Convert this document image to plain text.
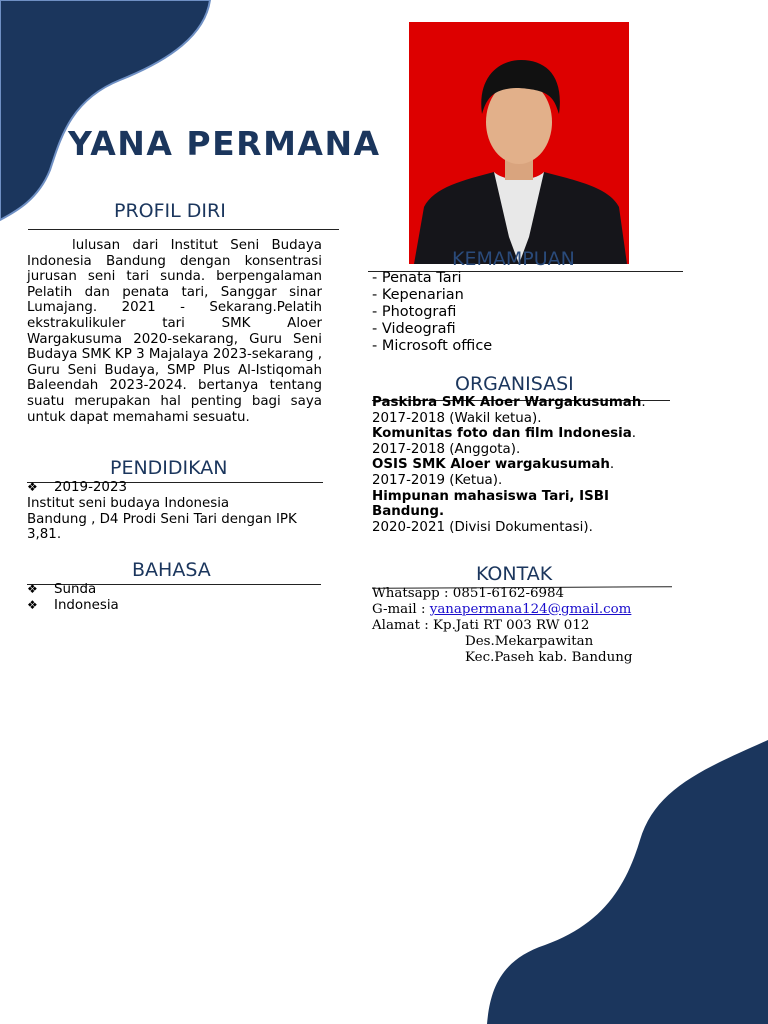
YANA PERMANA
PROFIL DIRI

lulusan dari Institut Seni Budaya Indonesia Bandung dengan konsentrasi jurusan seni tari sunda. berpengalaman Pelatih dan penata tari, Sanggar sinar Lumajang. 2021 - Sekarang.Pelatih ekstrakulikuler tari SMK Aloer Wargakusuma 2020-sekarang, Guru Seni Budaya SMK KP 3 Majalaya 2023-sekarang , Guru Seni Budaya, SMP Plus Al-Istiqomah Baleendah 2023-2024. bertanya tentang suatu merupakan hal penting bagi saya untuk dapat memahami sesuatu.

PENDIDIKAN
❖ 2019-2023
Institut seni budaya Indonesia
Bandung , D4 Prodi Seni Tari dengan IPK
3,81.
BAHASA
❖ Sunda
❖ Indonesia
KEMAMPUAN
- Penata Tari
- Kepenarian
- Photografi
- Videografi
- Microsoft office
ORGANISASI
Paskibra SMK Aloer Wargakusumah.
2017-2018 (Wakil ketua).
Komunitas foto dan film Indonesia.
2017-2018 (Anggota).
OSIS SMK Aloer wargakusumah.
2017-2019 (Ketua).
Himpunan mahasiswa Tari, ISBI Bandung.
2020-2021 (Divisi Dokumentasi).
KONTAK
Whatsapp : 0851-6162-6984
G-mail : yanapermana124@gmail.com
Alamat : Kp.Jati RT 003 RW 012
Des.Mekarpawitan
Kec.Paseh kab. Bandung
